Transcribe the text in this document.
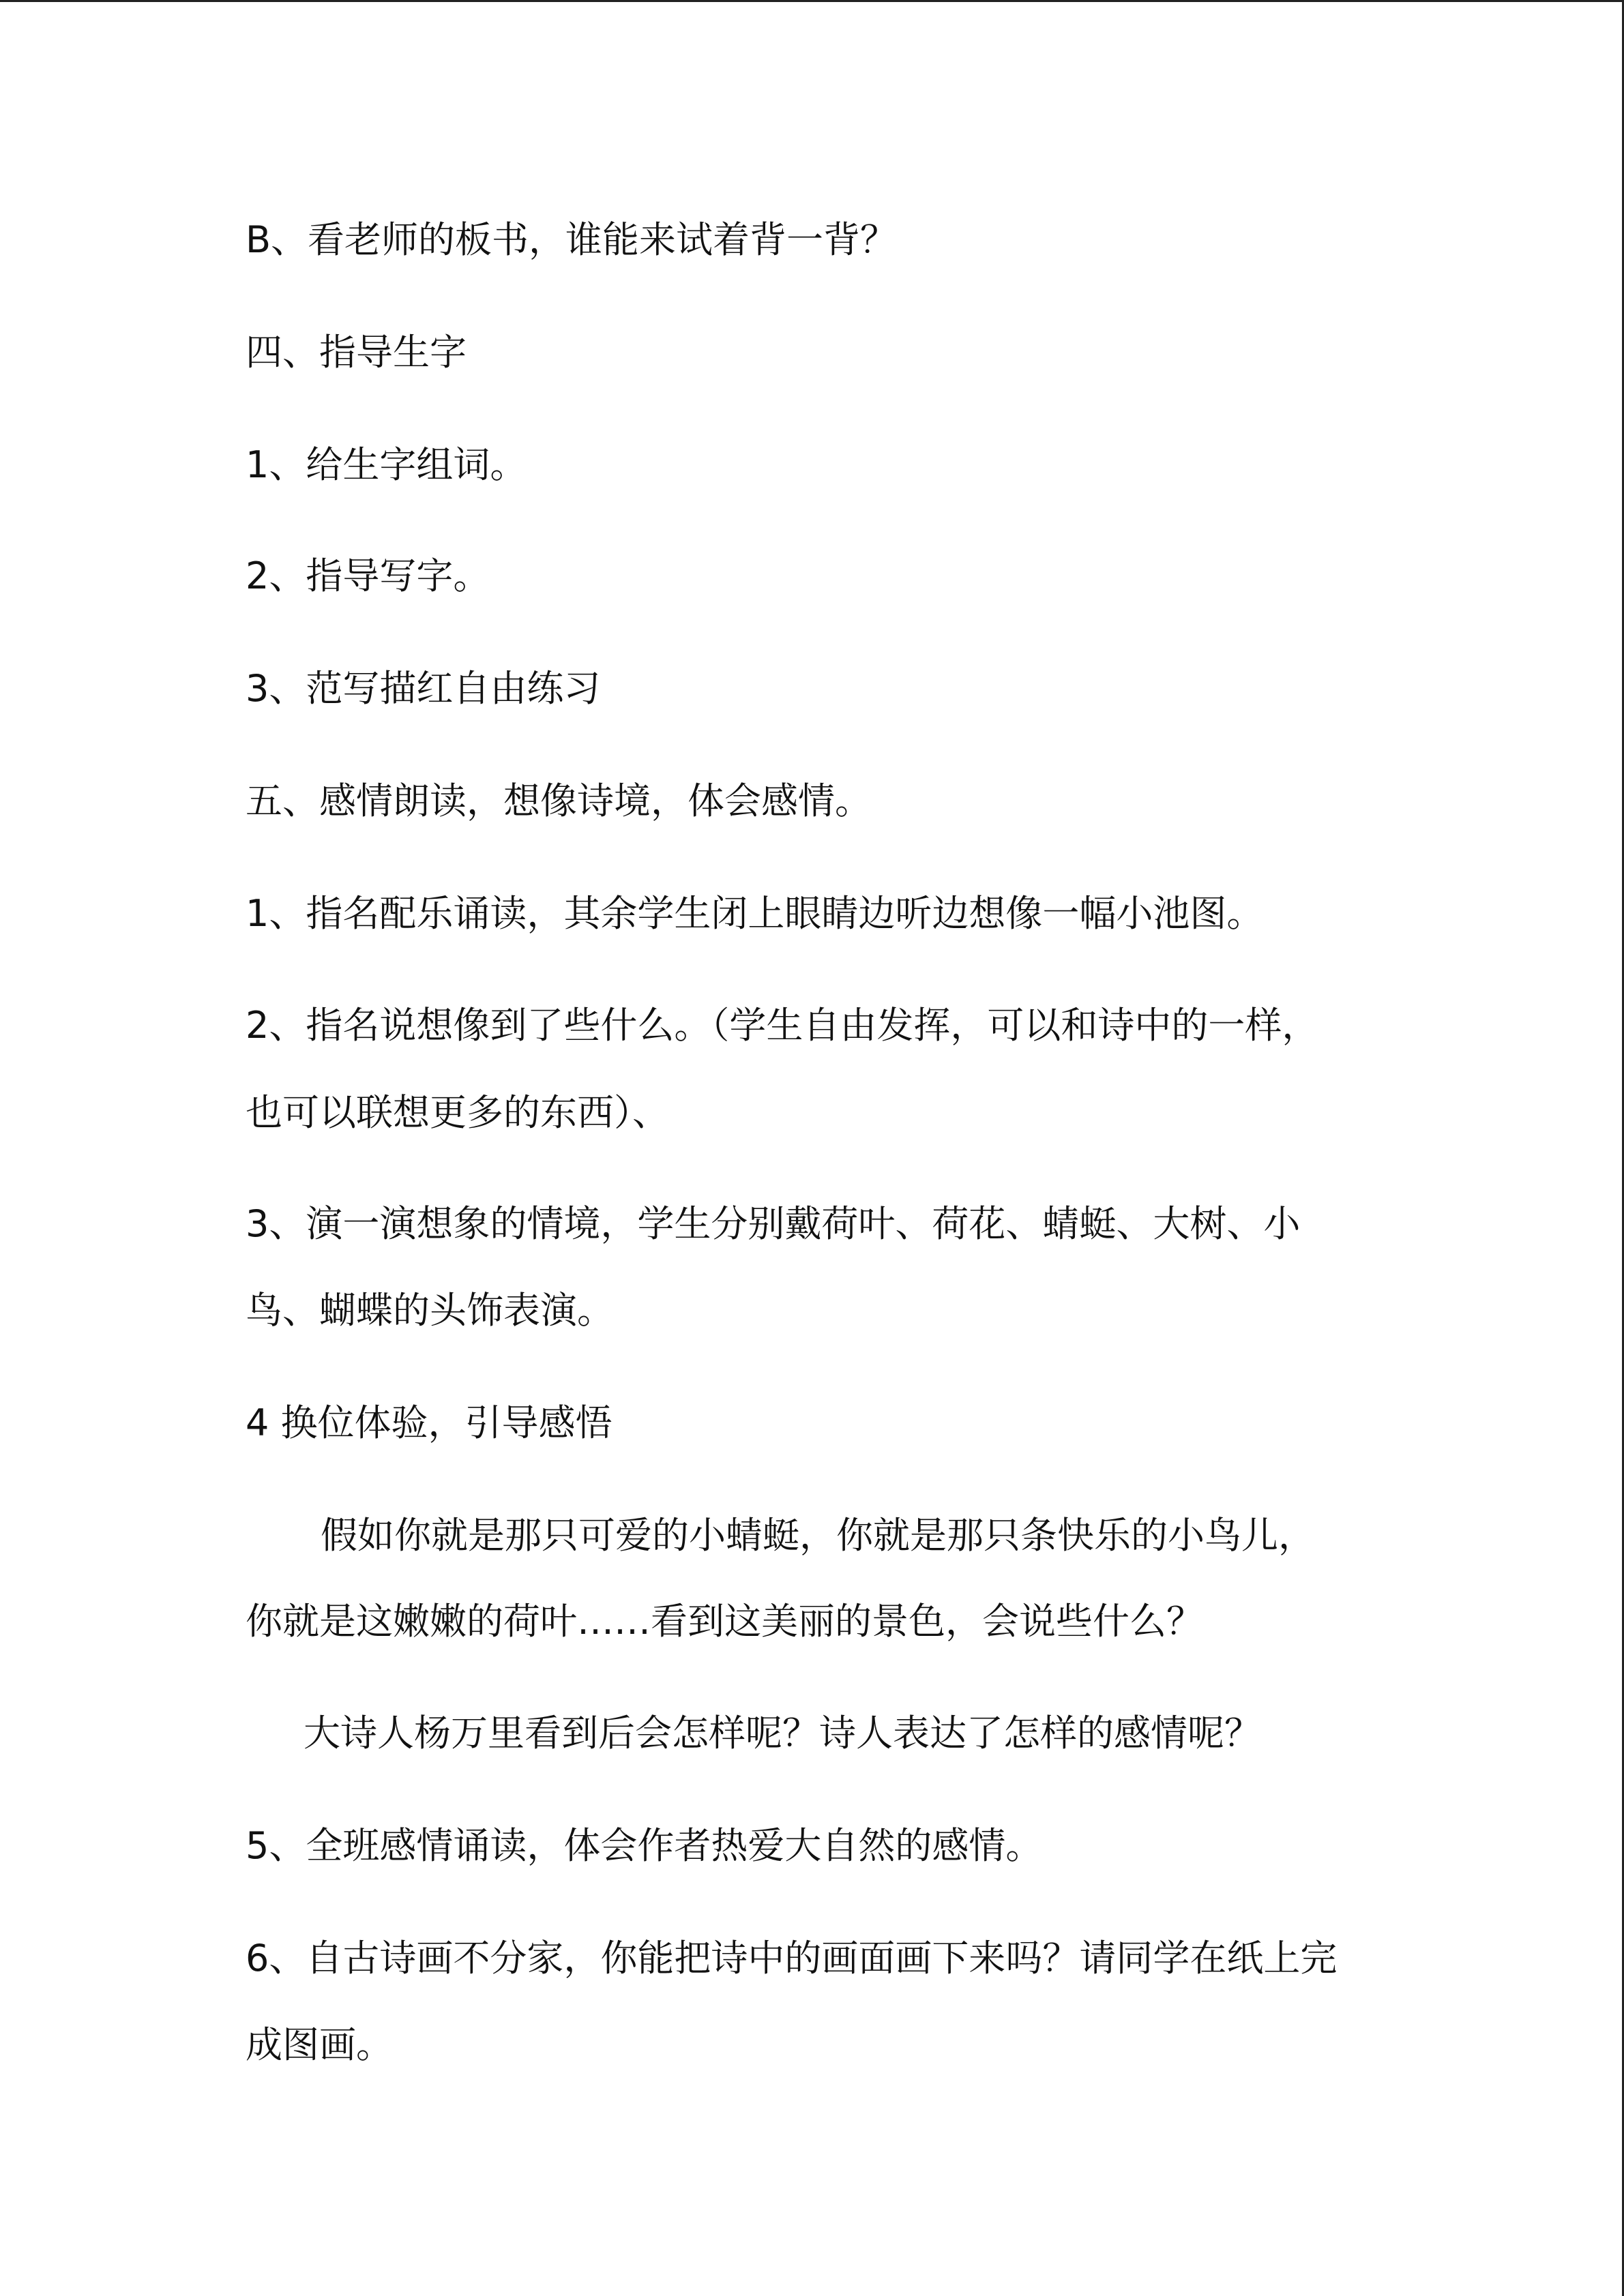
B、看老师的板书，谁能来试着背一背？
四、指导生字
1、给生字组词。
2、指导写字。
3、范写描红自由练习
五、感情朗读，想像诗境，体会感情。
1、指名配乐诵读，其余学生闭上眼睛边听边想像一幅小池图。
2、指名说想像到了些什么。（学生自由发挥，可以和诗中的一样，
也可以联想更多的东西）、
3、演一演想象的情境，学生分别戴荷叶、荷花、蜻蜓、大树、小
鸟、蝴蝶的头饰表演。
4 换位体验，引导感悟
假如你就是那只可爱的小蜻蜓，你就是那只条快乐的小鸟儿，
你就是这嫩嫩的荷叶……看到这美丽的景色，会说些什么？
大诗人杨万里看到后会怎样呢？诗人表达了怎样的感情呢？
5、全班感情诵读，体会作者热爱大自然的感情。
6、自古诗画不分家，你能把诗中的画面画下来吗？请同学在纸上完
成图画。
